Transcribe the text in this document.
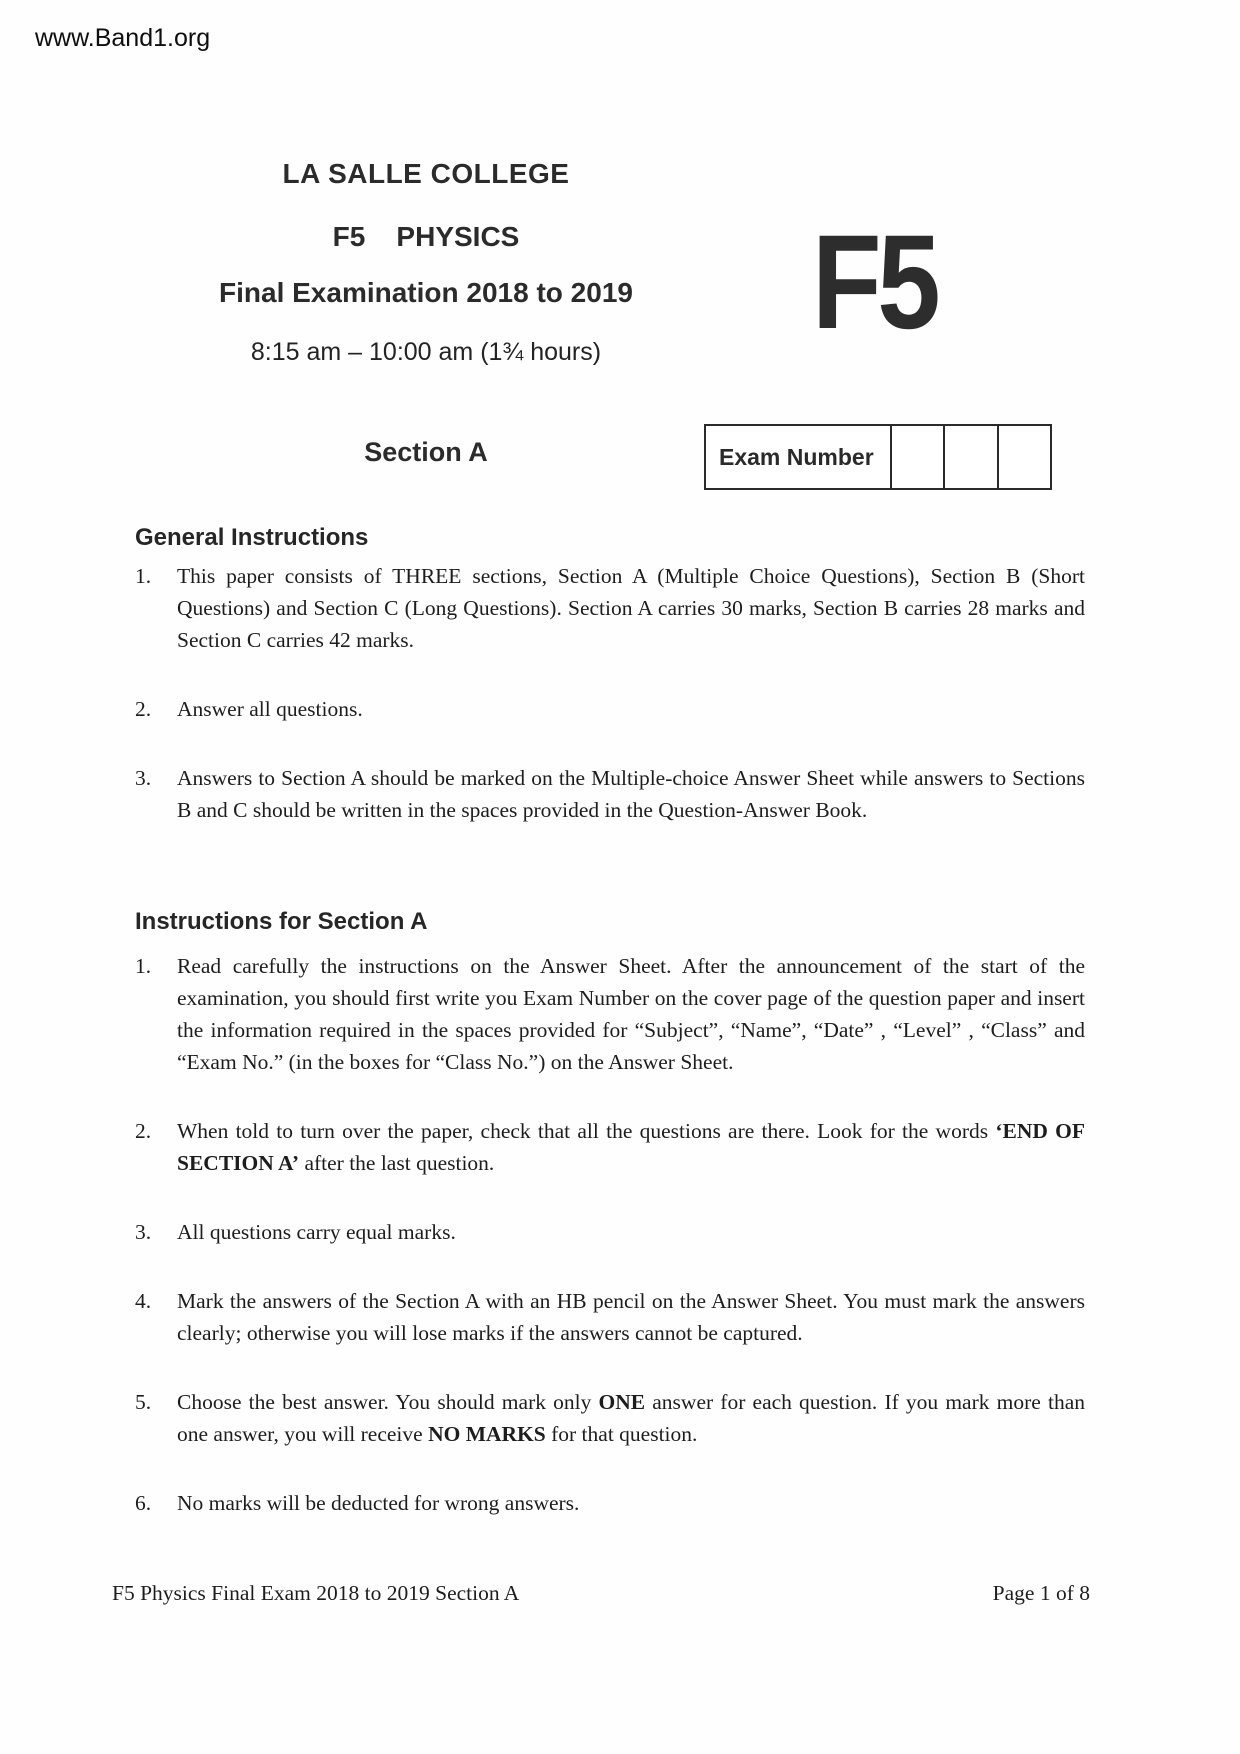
www.Band1.org
LA SALLE COLLEGE
F5    PHYSICS
Final Examination 2018 to 2019
8:15 am – 10:00 am (1¾ hours)
Section A
F5
Exam Number
General Instructions
1.	This paper consists of THREE sections, Section A (Multiple Choice Questions), Section B (Short Questions) and Section C (Long Questions). Section A carries 30 marks, Section B carries 28 marks and Section C carries 42 marks.
2.	Answer all questions.
3.	Answers to Section A should be marked on the Multiple-choice Answer Sheet while answers to Sections B and C should be written in the spaces provided in the Question-Answer Book.
Instructions for Section A
1.	Read carefully the instructions on the Answer Sheet. After the announcement of the start of the examination, you should first write you Exam Number on the cover page of the question paper and insert the information required in the spaces provided for “Subject”, “Name”, “Date” , “Level” , “Class” and “Exam No.” (in the boxes for “Class No.”) on the Answer Sheet.
2.	When told to turn over the paper, check that all the questions are there. Look for the words ‘END OF SECTION A’ after the last question.
3.	All questions carry equal marks.
4.	Mark the answers of the Section A with an HB pencil on the Answer Sheet. You must mark the answers clearly; otherwise you will lose marks if the answers cannot be captured.
5.	Choose the best answer. You should mark only ONE answer for each question. If you mark more than one answer, you will receive NO MARKS for that question.
6.	No marks will be deducted for wrong answers.
F5 Physics Final Exam 2018 to 2019 Section A	Page 1 of 8
